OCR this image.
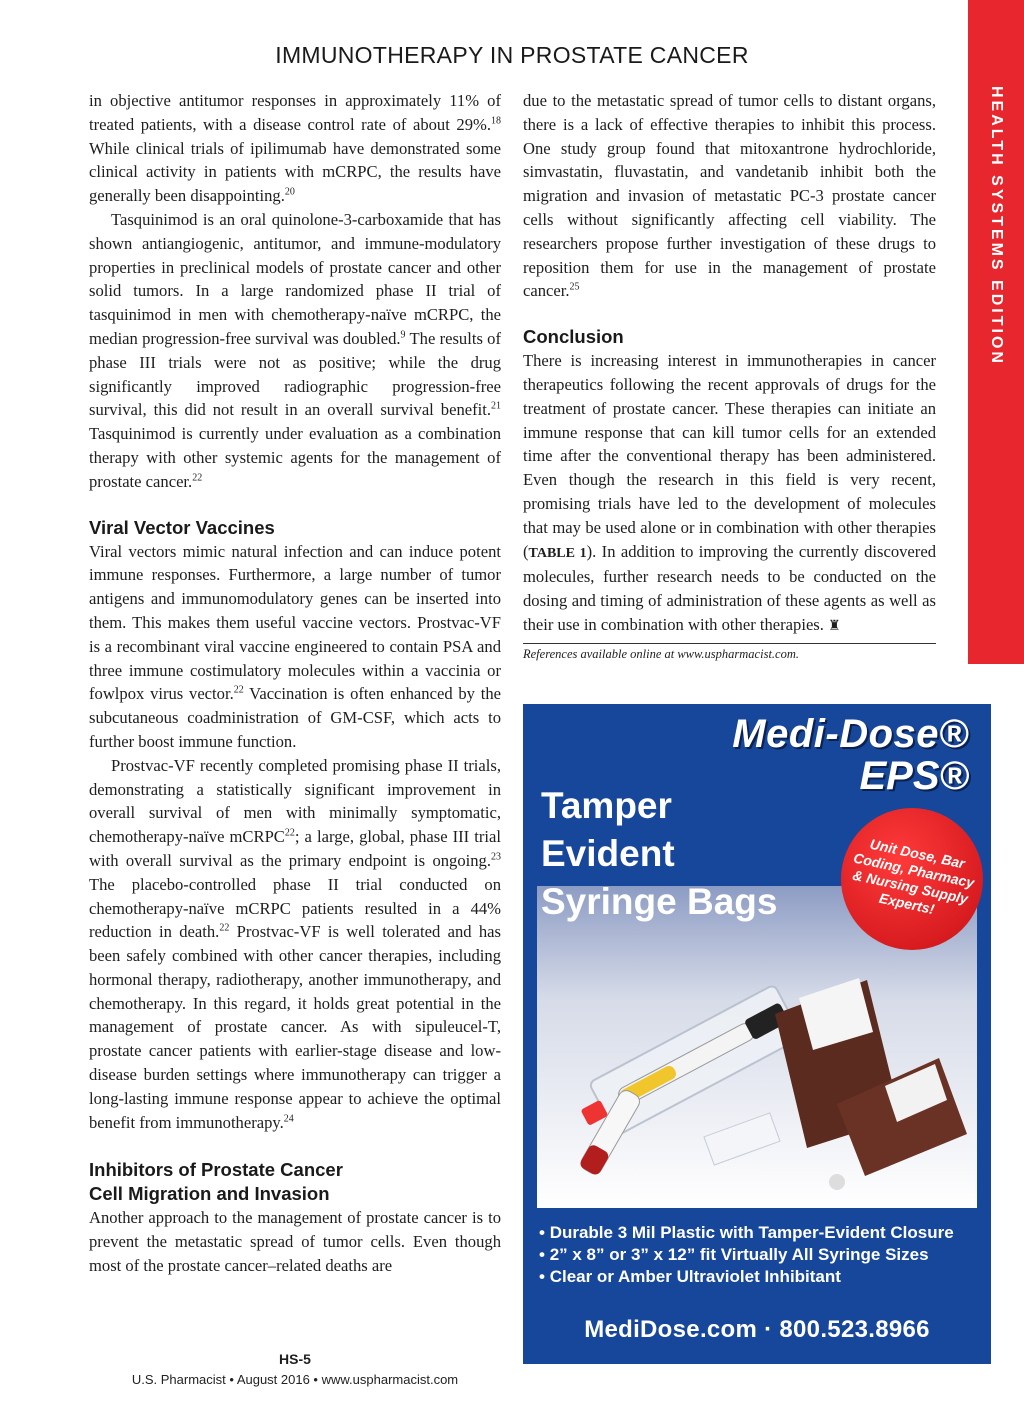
IMMUNOTHERAPY IN PROSTATE CANCER
HEALTH SYSTEMS EDITION

in objective antitumor responses in approximately 11% of treated patients, with a disease control rate of about 29%.$^{18}$ While clinical trials of ipilimumab have demonstrated some clinical activity in patients with mCRPC, the results have generally been disappointing.$^{20}$

Tasquinimod is an oral quinolone-3-carboxamide that has shown antiangiogenic, antitumor, and immune-modulatory properties in preclinical models of prostate cancer and other solid tumors. In a large randomized phase II trial of tasquinimod in men with chemotherapy-naïve mCRPC, the median progression-free survival was doubled.$^9$ The results of phase III trials were not as positive; while the drug significantly improved radiographic progression-free survival, this did not result in an overall survival benefit.$^{21}$ Tasquinimod is currently under evaluation as a combination therapy with other systemic agents for the management of prostate cancer.$^{22}$

Viral Vector Vaccines

Viral vectors mimic natural infection and can induce potent immune responses. Furthermore, a large number of tumor antigens and immunomodulatory genes can be inserted into them. This makes them useful vaccine vectors. Prostvac-VF is a recombinant viral vaccine engineered to contain PSA and three immune costimulatory molecules within a vaccinia or fowlpox virus vector.$^{22}$ Vaccination is often enhanced by the subcutaneous coadministration of GM-CSF, which acts to further boost immune function.

Prostvac-VF recently completed promising phase II trials, demonstrating a statistically significant improvement in overall survival of men with minimally symptomatic, chemotherapy-naïve mCRPC$^{22}$; a large, global, phase III trial with overall survival as the primary endpoint is ongoing.$^{23}$ The placebo-controlled phase II trial conducted on chemotherapy-naïve mCRPC patients resulted in a 44% reduction in death.$^{22}$ Prostvac-VF is well tolerated and has been safely combined with other cancer therapies, including hormonal therapy, radiotherapy, another immunotherapy, and chemotherapy. In this regard, it holds great potential in the management of prostate cancer. As with sipuleucel-T, prostate cancer patients with earlier-stage disease and low-disease burden settings where immunotherapy can trigger a long-lasting immune response appear to achieve the optimal benefit from immunotherapy.$^{24}$

Inhibitors of Prostate Cancer
Cell Migration and Invasion

Another approach to the management of prostate cancer is to prevent the metastatic spread of tumor cells. Even though most of the prostate cancer–related deaths are

due to the metastatic spread of tumor cells to distant organs, there is a lack of effective therapies to inhibit this process. One study group found that mitoxantrone hydrochloride, simvastatin, fluvastatin, and vandetanib inhibit both the migration and invasion of metastatic PC-3 prostate cancer cells without significantly affecting cell viability. The researchers propose further investigation of these drugs to reposition them for use in the management of prostate cancer.$^{25}$

Conclusion

There is increasing interest in immunotherapies in cancer therapeutics following the recent approvals of drugs for the treatment of prostate cancer. These therapies can initiate an immune response that can kill tumor cells for an extended time after the conventional therapy has been administered. Even though the research in this field is very recent, promising trials have led to the development of molecules that may be used alone or in combination with other therapies (TABLE 1). In addition to improving the currently discovered molecules, further research needs to be conducted on the dosing and timing of administration of these agents as well as their use in combination with other therapies. ♜

References available online at www.uspharmacist.com.
Medi-Dose®
EPS®
Tamper
Evident
Syringe Bags
Unit Dose, Bar Coding, Pharmacy & Nursing Supply Experts!
• Durable 3 Mil Plastic with Tamper-Evident Closure
• 2” x 8” or 3” x 12” fit Virtually All Syringe Sizes
• Clear or Amber Ultraviolet Inhibitant
MediDose.com · 800.523.8966
HS-5
U.S. Pharmacist • August 2016 • www.uspharmacist.com
